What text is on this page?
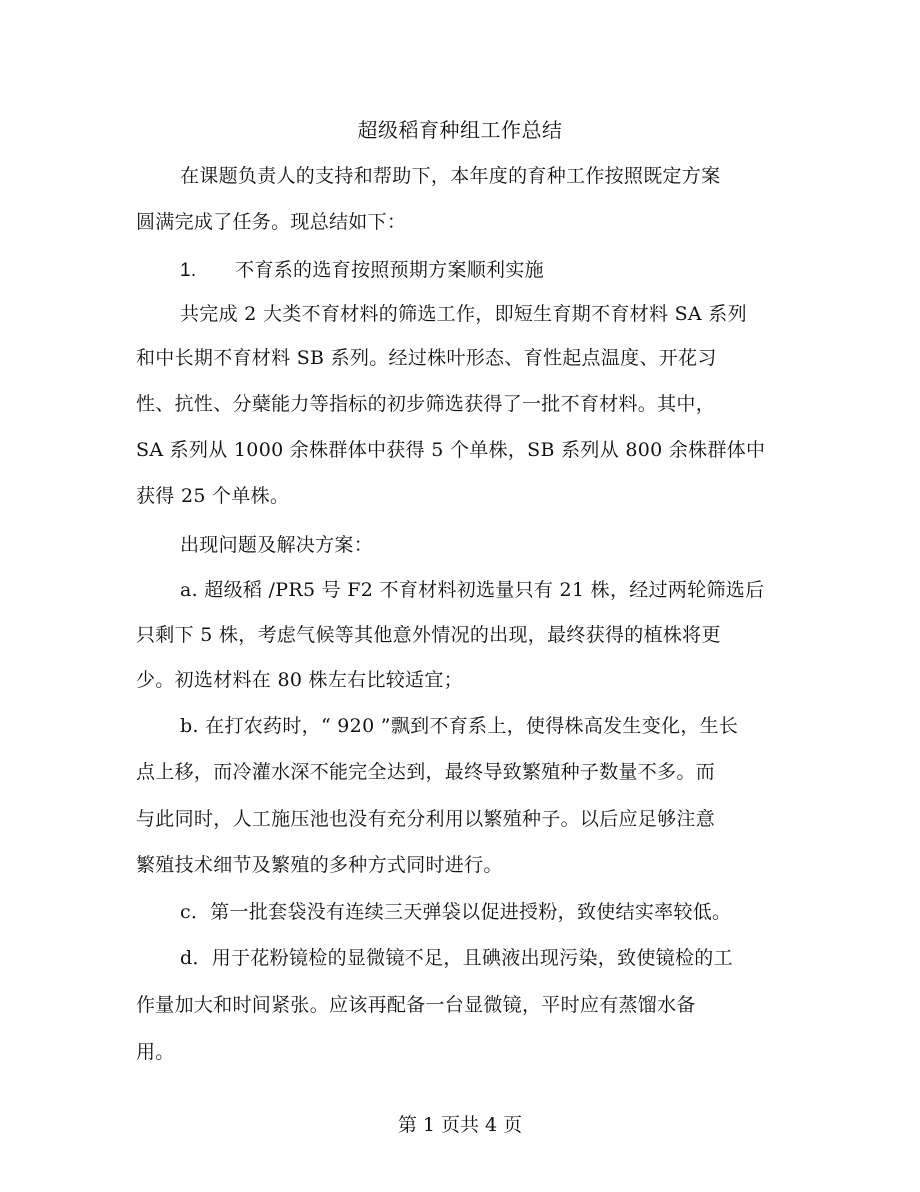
超级稻育种组工作总结
在课题负责人的支持和帮助下，本年度的育种工作按照既定方案
圆满完成了任务。现总结如下：
1. 不育系的选育按照预期方案顺利实施
共完成 2 大类不育材料的筛选工作，即短生育期不育材料 SA 系列
和中长期不育材料 SB 系列。经过株叶形态、育性起点温度、开花习
性、抗性、分蘖能力等指标的初步筛选获得了一批不育材料。其中，
SA 系列从 1000 余株群体中获得 5 个单株，SB 系列从 800 余株群体中
获得 25 个单株。
出现问题及解决方案：
a. 超级稻 /PR5 号 F2 不育材料初选量只有 21 株，经过两轮筛选后
只剩下 5 株，考虑气候等其他意外情况的出现，最终获得的植株将更
少。初选材料在 80 株左右比较适宜；
b. 在打农药时，“ 920 ”飘到不育系上，使得株高发生变化，生长
点上移，而冷灌水深不能完全达到，最终导致繁殖种子数量不多。而
与此同时，人工施压池也没有充分利用以繁殖种子。以后应足够注意
繁殖技术细节及繁殖的多种方式同时进行。
c．第一批套袋没有连续三天弹袋以促进授粉，致使结实率较低。
d．用于花粉镜检的显微镜不足，且碘液出现污染，致使镜检的工
作量加大和时间紧张。应该再配备一台显微镜，平时应有蒸馏水备
用。
第 1 页共 4 页
